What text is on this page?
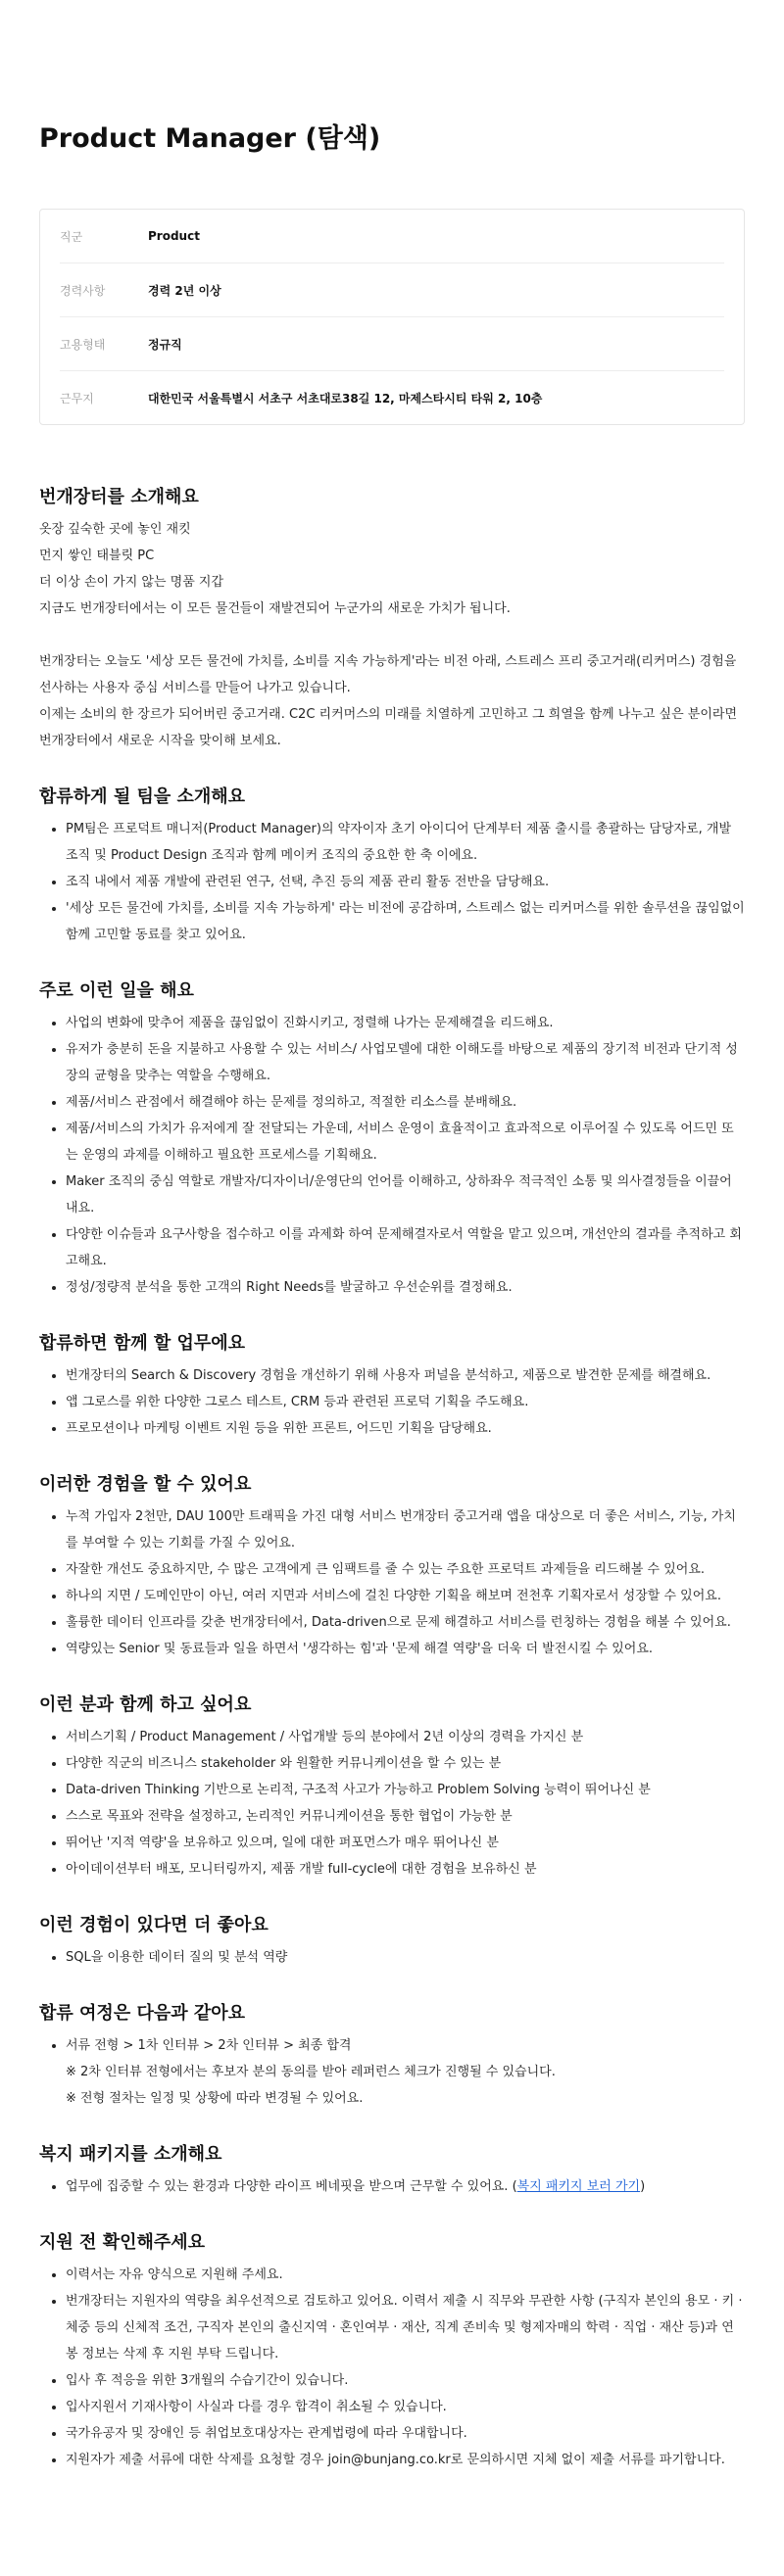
Product Manager (탐색)
직군	Product
경력사항	경력 2년 이상
고용형태	정규직
근무지	대한민국 서울특별시 서초구 서초대로38길 12, 마제스타시티 타워 2, 10층
번개장터를 소개해요

옷장 깊숙한 곳에 놓인 재킷

먼지 쌓인 태블릿 PC

더 이상 손이 가지 않는 명품 지갑

지금도 번개장터에서는 이 모든 물건들이 재발견되어 누군가의 새로운 가치가 됩니다.

번개장터는 오늘도 '세상 모든 물건에 가치를, 소비를 지속 가능하게'라는 비전 아래, 스트레스 프리 중고거래(리커머스) 경험을 선사하는 사용자 중심 서비스를 만들어 나가고 있습니다.

이제는 소비의 한 장르가 되어버린 중고거래. C2C 리커머스의 미래를 치열하게 고민하고 그 희열을 함께 나누고 싶은 분이라면 번개장터에서 새로운 시작을 맞이해 보세요.

합류하게 될 팀을 소개해요
• PM팀은 프로덕트 매니저(Product Manager)의 약자이자 초기 아이디어 단계부터 제품 출시를 총괄하는 담당자로, 개발 조직 및 Product Design 조직과 함께 메이커 조직의 중요한 한 축 이에요.
• 조직 내에서 제품 개발에 관련된 연구, 선택, 추진 등의 제품 관리 활동 전반을 담당해요.
• '세상 모든 물건에 가치를, 소비를 지속 가능하게' 라는 비전에 공감하며, 스트레스 없는 리커머스를 위한 솔루션을 끊임없이 함께 고민할 동료를 찾고 있어요.
주로 이런 일을 해요
• 사업의 변화에 맞추어 제품을 끊임없이 진화시키고, 정렬해 나가는 문제해결을 리드해요.
• 유저가 충분히 돈을 지불하고 사용할 수 있는 서비스/ 사업모델에 대한 이해도를 바탕으로 제품의 장기적 비전과 단기적 성장의 균형을 맞추는 역할을 수행해요.
• 제품/서비스 관점에서 해결해야 하는 문제를 정의하고, 적절한 리소스를 분배해요.
• 제품/서비스의 가치가 유저에게 잘 전달되는 가운데, 서비스 운영이 효율적이고 효과적으로 이루어질 수 있도록 어드민 또는 운영의 과제를 이해하고 필요한 프로세스를 기획해요.
• Maker 조직의 중심 역할로 개발자/디자이너/운영단의 언어를 이해하고, 상하좌우 적극적인 소통 및 의사결정들을 이끌어 내요.
• 다양한 이슈들과 요구사항을 접수하고 이를 과제화 하여 문제해결자로서 역할을 맡고 있으며, 개선안의 결과를 추적하고 회고해요.
• 정성/정량적 분석을 통한 고객의 Right Needs를 발굴하고 우선순위를 결정해요.
합류하면 함께 할 업무에요
• 번개장터의 Search & Discovery 경험을 개선하기 위해 사용자 퍼널을 분석하고, 제품으로 발견한 문제를 해결해요.
• 앱 그로스를 위한 다양한 그로스 테스트, CRM 등과 관련된 프로덕 기획을 주도해요.
• 프로모션이나 마케팅 이벤트 지원 등을 위한 프론트, 어드민 기획을 담당해요.
이러한 경험을 할 수 있어요
• 누적 가입자 2천만, DAU 100만 트래픽을 가진 대형 서비스 번개장터 중고거래 앱을 대상으로 더 좋은 서비스, 기능, 가치를 부여할 수 있는 기회를 가질 수 있어요.
• 자잘한 개선도 중요하지만, 수 많은 고객에게 큰 임팩트를 줄 수 있는 주요한 프로덕트 과제들을 리드해볼 수 있어요.
• 하나의 지면 / 도메인만이 아닌, 여러 지면과 서비스에 걸친 다양한 기획을 해보며 전천후 기획자로서 성장할 수 있어요.
• 훌륭한 데이터 인프라를 갖춘 번개장터에서, Data-driven으로 문제 해결하고 서비스를 런칭하는 경험을 해볼 수 있어요.
• 역량있는 Senior 및 동료들과 일을 하면서 '생각하는 힘'과 '문제 해결 역량'을 더욱 더 발전시킬 수 있어요.
이런 분과 함께 하고 싶어요
• 서비스기획 / Product Management / 사업개발 등의 분야에서 2년 이상의 경력을 가지신 분
• 다양한 직군의 비즈니스 stakeholder 와 원활한 커뮤니케이션을 할 수 있는 분
• Data-driven Thinking 기반으로 논리적, 구조적 사고가 가능하고 Problem Solving 능력이 뛰어나신 분
• 스스로 목표와 전략을 설정하고, 논리적인 커뮤니케이션을 통한 협업이 가능한 분
• 뛰어난 '지적 역량'을 보유하고 있으며, 일에 대한 퍼포먼스가 매우 뛰어나신 분
• 아이데이션부터 배포, 모니터링까지, 제품 개발 full-cycle에 대한 경험을 보유하신 분
이런 경험이 있다면 더 좋아요
• SQL을 이용한 데이터 질의 및 분석 역량
합류 여정은 다음과 같아요
• 서류 전형 > 1차 인터뷰 > 2차 인터뷰 > 최종 합격
※ 2차 인터뷰 전형에서는 후보자 분의 동의를 받아 레퍼런스 체크가 진행될 수 있습니다.
※ 전형 절차는 일정 및 상황에 따라 변경될 수 있어요.
복지 패키지를 소개해요
• 업무에 집중할 수 있는 환경과 다양한 라이프 베네핏을 받으며 근무할 수 있어요. (복지 패키지 보러 가기)
지원 전 확인해주세요
• 이력서는 자유 양식으로 지원해 주세요.
• 번개장터는 지원자의 역량을 최우선적으로 검토하고 있어요. 이력서 제출 시 직무와 무관한 사항 (구직자 본인의 용모 · 키 · 체중 등의 신체적 조건, 구직자 본인의 출신지역 · 혼인여부 · 재산, 직계 존비속 및 형제자매의 학력 · 직업 · 재산 등)과 연봉 정보는 삭제 후 지원 부탁 드립니다.
• 입사 후 적응을 위한 3개월의 수습기간이 있습니다.
• 입사지원서 기재사항이 사실과 다를 경우 합격이 취소될 수 있습니다.
• 국가유공자 및 장애인 등 취업보호대상자는 관계법령에 따라 우대합니다.
• 지원자가 제출 서류에 대한 삭제를 요청할 경우 join@bunjang.co.kr로 문의하시면 지체 없이 제출 서류를 파기합니다.
